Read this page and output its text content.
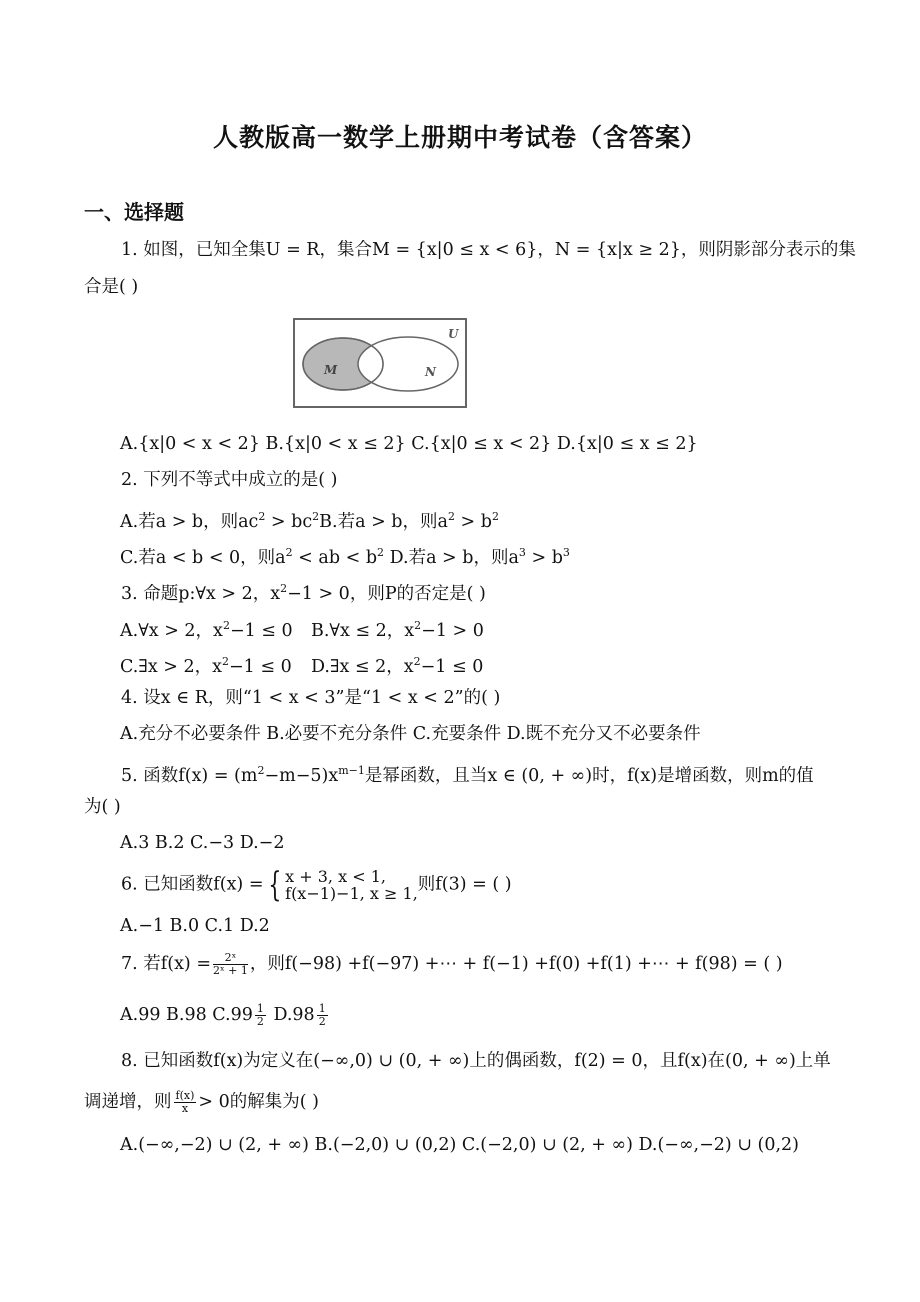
人教版高一数学上册期中考试卷（含答案）
一、选择题
1. 如图，已知全集U = R，集合M = {x|0 ≤ x < 6}，N = {x|x ≥ 2}，则阴影部分表示的集
合是( )
U
M	N
A.{x|0 < x < 2} B.{x|0 < x ≤ 2} C.{x|0 ≤ x < 2} D.{x|0 ≤ x ≤ 2}
2. 下列不等式中成立的是( )
A.若a > b，则$ac^2 > bc^2B$.若a > b，则$a^2 > b^2$
C.若a < b < 0，则$a^2$ < ab < $b^2$ D.若a > b，则$a^3 > b^3$
3. 命题p:∀x > 2，$x^2-1 > 0$，则P的否定是( )
A.∀x > 2，$x^2-1 \le 0$ B.∀x ≤ 2，$x^2-1 > 0$
C.∃x > 2，$x^2-1 \le 0$ D.∃x ≤ 2，$x^2-1 \le 0$
4. 设x ∈ R，则“1 < x < 3”是“1 < x < 2”的( )
A.充分不必要条件 B.必要不充分条件 C.充要条件 D.既不充分又不必要条件
5. 函数$f(x) = (m^2-m-5)x^{m-1}$是幂函数，且当x ∈ (0, + ∞)时，f(x)是增函数，则m的值
为( )
A.3 B.2 C.−3 D.−2
6. 已知函数f(x) = { x + 3, x < 1,
f(x−1)−1, x ≥ 1, 则f(3) = ( )
A.−1 B.0 C.1 D.2
7. 若$f(x) = \frac{\text{2ˣ}}{\text{2ˣ + 1}}$ ，则f(−98) +f(−97) +⋯ + f(−1) +f(0) +f(1) +⋯ + f(98) = ( )
A.99 B.98 $C.99 \frac{1}{2} D.98 \frac{1}{2}$
8. 已知函数f(x)为定义在(−∞,0) ∪ (0, + ∞)上的偶函数，f(2) = 0，且f(x)在(0, + ∞)上单
调递增，则 $\frac{f(x)}{x} > 0$的解集为( )
A.(−∞,−2) ∪ (2, + ∞) B.(−2,0) ∪ (0,2) C.(−2,0) ∪ (2, + ∞) D.(−∞,−2) ∪ (0,2)
